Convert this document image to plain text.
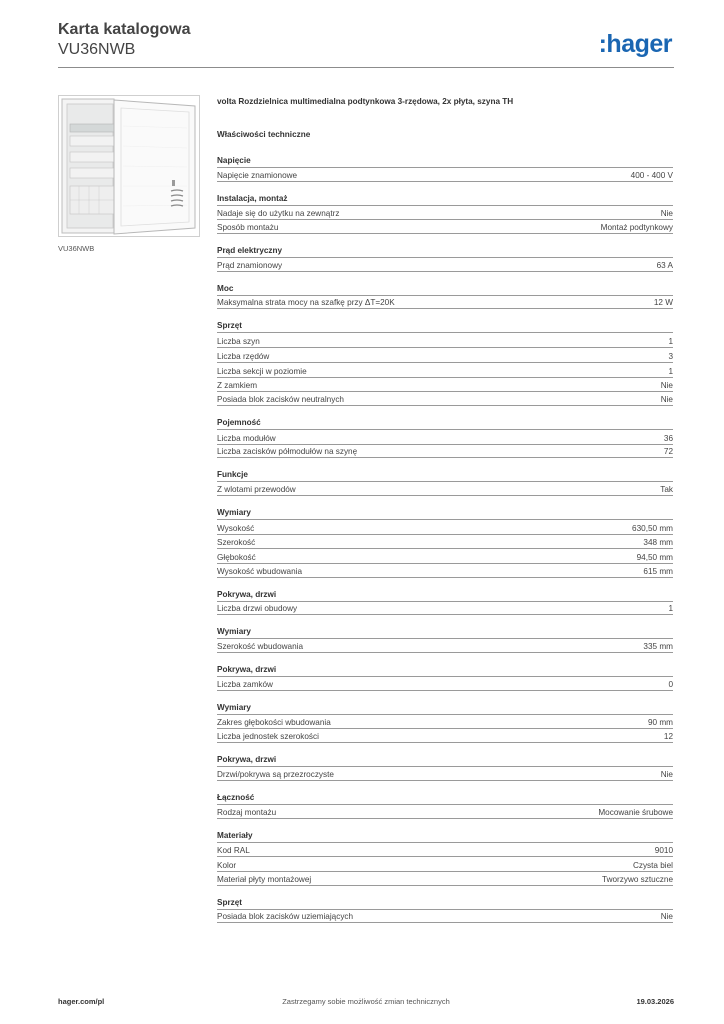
Karta katalogowa
VU36NWB	:hager
VU36NWB
volta Rozdzielnica multimedialna podtynkowa 3-rzędowa, 2x płyta, szyna TH
Właściwości techniczne
Napięcie
Napięcie znamionowe	400 - 400 V
Instalacja, montaż
Nadaje się do użytku na zewnątrz	Nie
Sposób montażu	Montaż podtynkowy
Prąd elektryczny
Prąd znamionowy	63 A
Moc
Maksymalna strata mocy na szafkę przy ΔT=20K	12 W
Sprzęt
Liczba szyn	1
Liczba rzędów	3
Liczba sekcji w poziomie	1
Z zamkiem	Nie
Posiada blok zacisków neutralnych	Nie
Pojemność
Liczba modułów	36
Liczba zacisków półmodułów na szynę	72
Funkcje
Z wlotami przewodów	Tak
Wymiary
Wysokość	630,50 mm
Szerokość	348 mm
Głębokość	94,50 mm
Wysokość wbudowania	615 mm
Pokrywa, drzwi
Liczba drzwi obudowy	1
Wymiary
Szerokość wbudowania	335 mm
Pokrywa, drzwi
Liczba zamków	0
Wymiary
Zakres głębokości wbudowania	90 mm
Liczba jednostek szerokości	12
Pokrywa, drzwi
Drzwi/pokrywa są przezroczyste	Nie
Łączność
Rodzaj montażu	Mocowanie śrubowe
Materiały
Kod RAL	9010
Kolor	Czysta biel
Materiał płyty montażowej	Tworzywo sztuczne
Sprzęt
Posiada blok zacisków uziemiających	Nie
hager.com/pl	Zastrzegamy sobie możliwość zmian technicznych	19.03.2026
